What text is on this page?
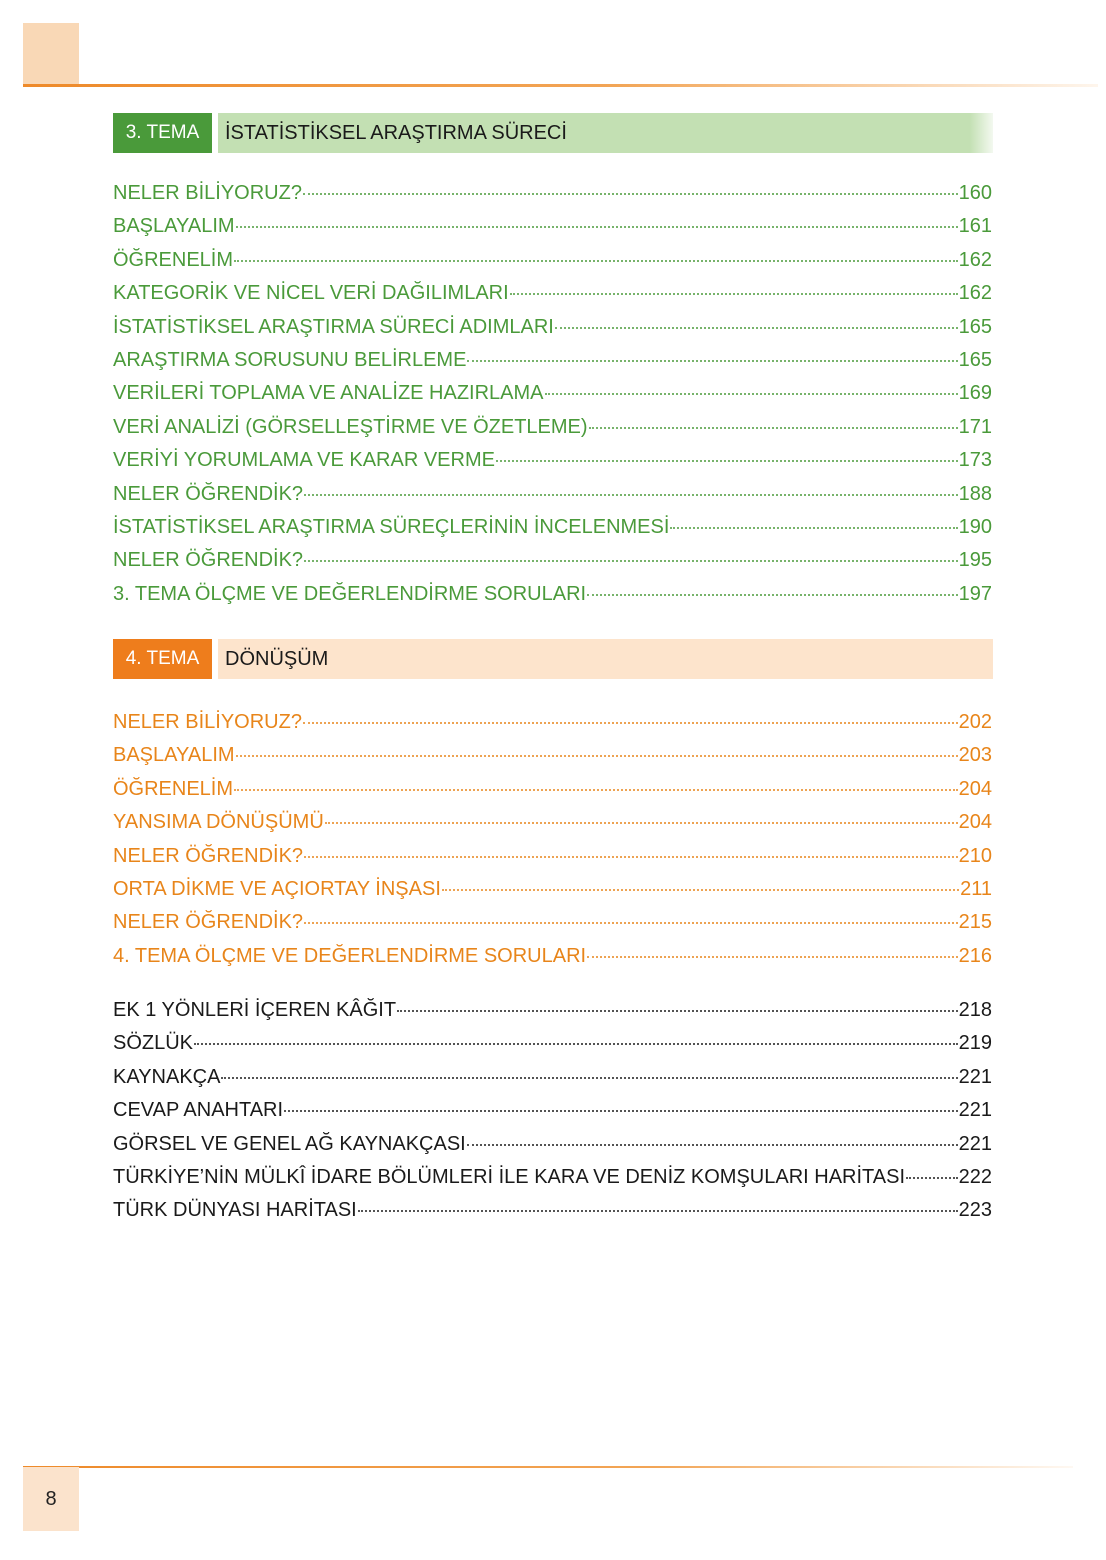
3. TEMA	İSTATİSTİKSEL ARAŞTIRMA SÜRECİ
NELER BİLİYORUZ?	160
BAŞLAYALIM	161
ÖĞRENELİM	162
KATEGORİK VE NİCEL VERİ DAĞILIMLARI	162
İSTATİSTİKSEL ARAŞTIRMA SÜRECİ ADIMLARI	165
ARAŞTIRMA SORUSUNU BELİRLEME	165
VERİLERİ TOPLAMA VE ANALİZE HAZIRLAMA	169
VERİ ANALİZİ (GÖRSELLEŞTİRME VE ÖZETLEME)	171
VERİYİ YORUMLAMA VE KARAR VERME	173
NELER ÖĞRENDİK?	188
İSTATİSTİKSEL ARAŞTIRMA SÜREÇLERİNİN İNCELENMESİ	190
NELER ÖĞRENDİK?	195
3. TEMA ÖLÇME VE DEĞERLENDİRME SORULARI	197
4. TEMA	DÖNÜŞÜM
NELER BİLİYORUZ?	202
BAŞLAYALIM	203
ÖĞRENELİM	204
YANSIMA DÖNÜŞÜMÜ	204
NELER ÖĞRENDİK?	210
ORTA DİKME VE AÇIORTAY İNŞASI	211
NELER ÖĞRENDİK?	215
4. TEMA ÖLÇME VE DEĞERLENDİRME SORULARI	216
EK 1 YÖNLERİ İÇEREN KÂĞIT	218
SÖZLÜK	219
KAYNAKÇA	221
CEVAP ANAHTARI	221
GÖRSEL VE GENEL AĞ KAYNAKÇASI	221
TÜRKİYE’NİN MÜLKÎ İDARE BÖLÜMLERİ İLE KARA VE DENİZ KOMŞULARI HARİTASI	222
TÜRK DÜNYASI HARİTASI	223
8
